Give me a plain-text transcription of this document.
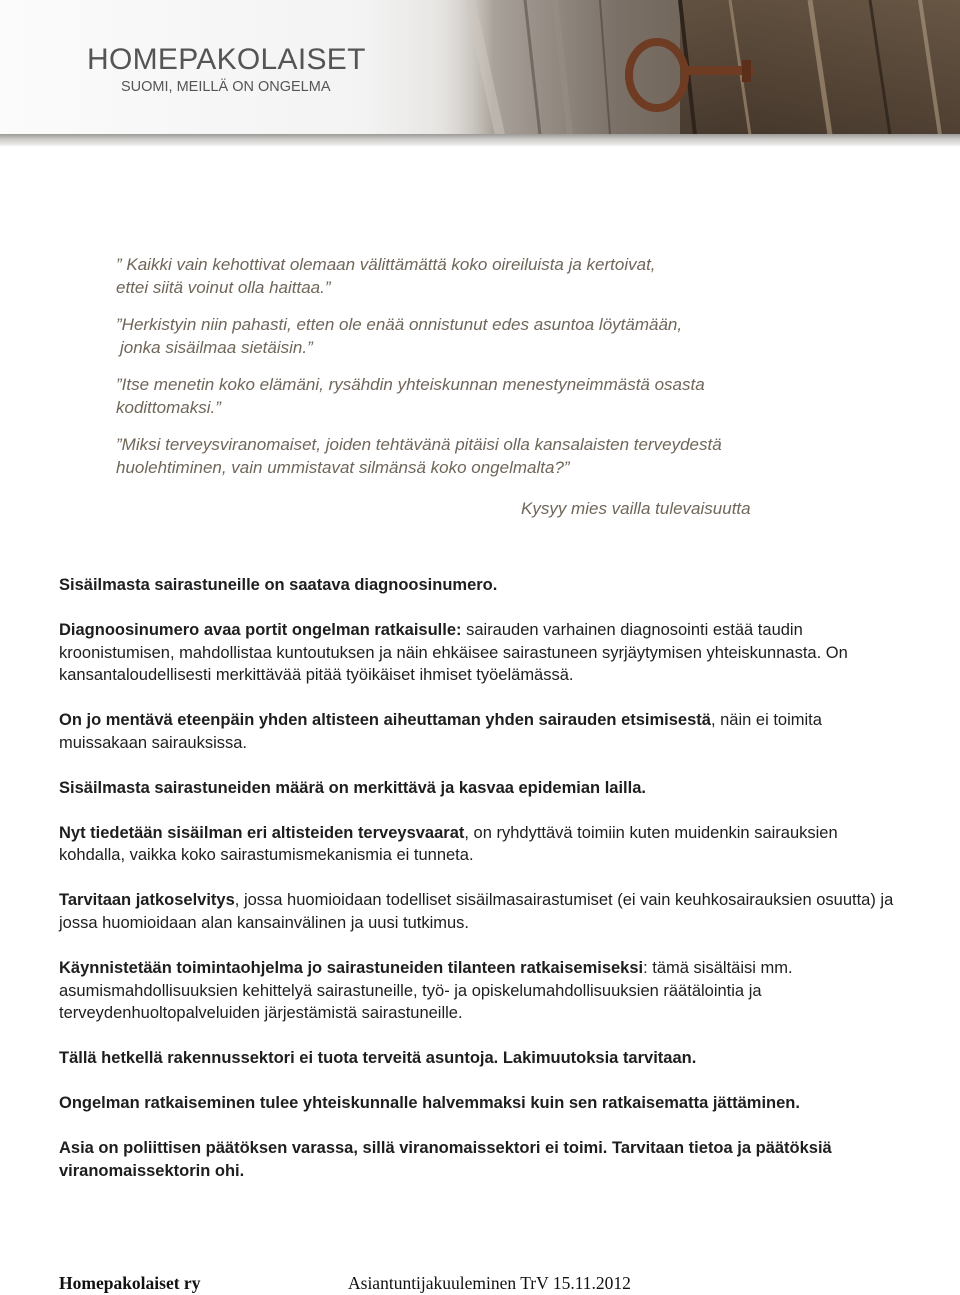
HOMEPAKOLAISET
SUOMI, MEILLÄ ON ONGELMA

” Kaikki vain kehottivat olemaan välittämättä koko oireiluista ja kertoivat,
ettei siitä voinut olla haittaa.”

”Herkistyin niin pahasti, etten ole enää onnistunut edes asuntoa löytämään,
jonka sisäilmaa sietäisin.”

”Itse menetin koko elämäni, rysähdin yhteiskunnan menestyneimmästä osasta
kodittomaksi.”

”Miksi terveysviranomaiset, joiden tehtävänä pitäisi olla kansalaisten terveydestä
huolehtiminen, vain ummistavat silmänsä koko ongelmalta?”

Kysyy mies vailla tulevaisuutta

Sisäilmasta sairastuneille on saatava diagnoosinumero.

Diagnoosinumero avaa portit ongelman ratkaisulle: sairauden varhainen diagnosointi estää taudin kroonistumisen, mahdollistaa kuntoutuksen ja näin ehkäisee sairastuneen syrjäytymisen yhteiskunnasta. On kansantaloudellisesti merkittävää pitää työikäiset ihmiset työelämässä.

On jo mentävä eteenpäin yhden altisteen aiheuttaman yhden sairauden etsimisestä, näin ei toimita muissakaan sairauksissa.

Sisäilmasta sairastuneiden määrä on merkittävä ja kasvaa epidemian lailla.

Nyt tiedetään sisäilman eri altisteiden terveysvaarat, on ryhdyttävä toimiin kuten muidenkin sairauksien kohdalla, vaikka koko sairastumismekanismia ei tunneta.

Tarvitaan jatkoselvitys, jossa huomioidaan todelliset sisäilmasairastumiset (ei vain keuhkosairauksien osuutta) ja jossa huomioidaan alan kansainvälinen ja uusi tutkimus.

Käynnistetään toimintaohjelma jo sairastuneiden tilanteen ratkaisemiseksi: tämä sisältäisi mm. asumismahdollisuuksien kehittelyä sairastuneille, työ- ja opiskelumahdollisuuksien räätälointia ja terveydenhuoltopalveluiden järjestämistä sairastuneille.

Tällä hetkellä rakennussektori ei tuota terveitä asuntoja. Lakimuutoksia tarvitaan.

Ongelman ratkaiseminen tulee yhteiskunnalle halvemmaksi kuin sen ratkaisematta jättäminen.

Asia on poliittisen päätöksen varassa, sillä viranomaissektori ei toimi. Tarvitaan tietoa ja päätöksiä viranomaissektorin ohi.

Homepakolaiset ry	Asiantuntijakuuleminen TrV 15.11.2012
